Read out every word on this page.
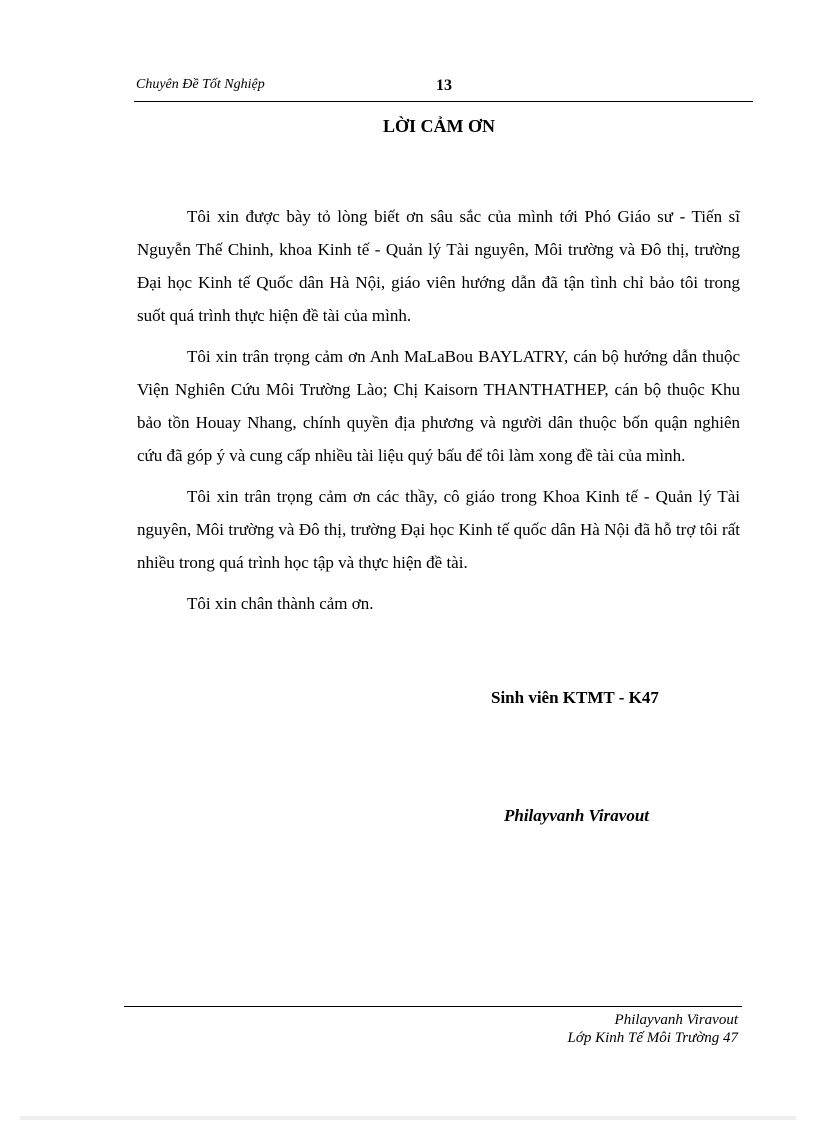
Chuyên Đề Tốt Nghiệp	13
LỜI CẢM ƠN

Tôi xin được bày tỏ lòng biết ơn sâu sắc của mình tới Phó Giáo sư - Tiến sĩ Nguyễn Thế Chinh, khoa Kinh tế - Quản lý Tài nguyên, Môi trường và Đô thị, trường Đại học Kinh tế Quốc dân Hà Nội, giáo viên hướng dẫn đã tận tình chỉ bảo tôi trong suốt quá trình thực hiện đề tài của mình.

Tôi xin trân trọng cảm ơn Anh MaLaBou BAYLATRY, cán bộ hướng dẫn thuộc Viện Nghiên Cứu Môi Trường Lào; Chị Kaisorn THANTHATHEP, cán bộ thuộc Khu bảo tồn Houay Nhang, chính quyền địa phương và người dân thuộc bốn quận nghiên cứu đã góp ý và cung cấp nhiều tài liệu quý bấu để tôi làm xong đề tài của mình.

Tôi xin trân trọng cảm ơn các thầy, cô giáo trong Khoa Kinh tế - Quản lý Tài nguyên, Môi trường và Đô thị, trường Đại học Kinh tế quốc dân Hà Nội đã hỗ trợ tôi rất nhiều trong quá trình học tập và thực hiện đề tài.

Tôi xin chân thành cảm ơn.

Sinh viên KTMT - K47
Philayvanh Viravout
Philayvanh Viravout
Lớp Kinh Tế Môi Trường 47
